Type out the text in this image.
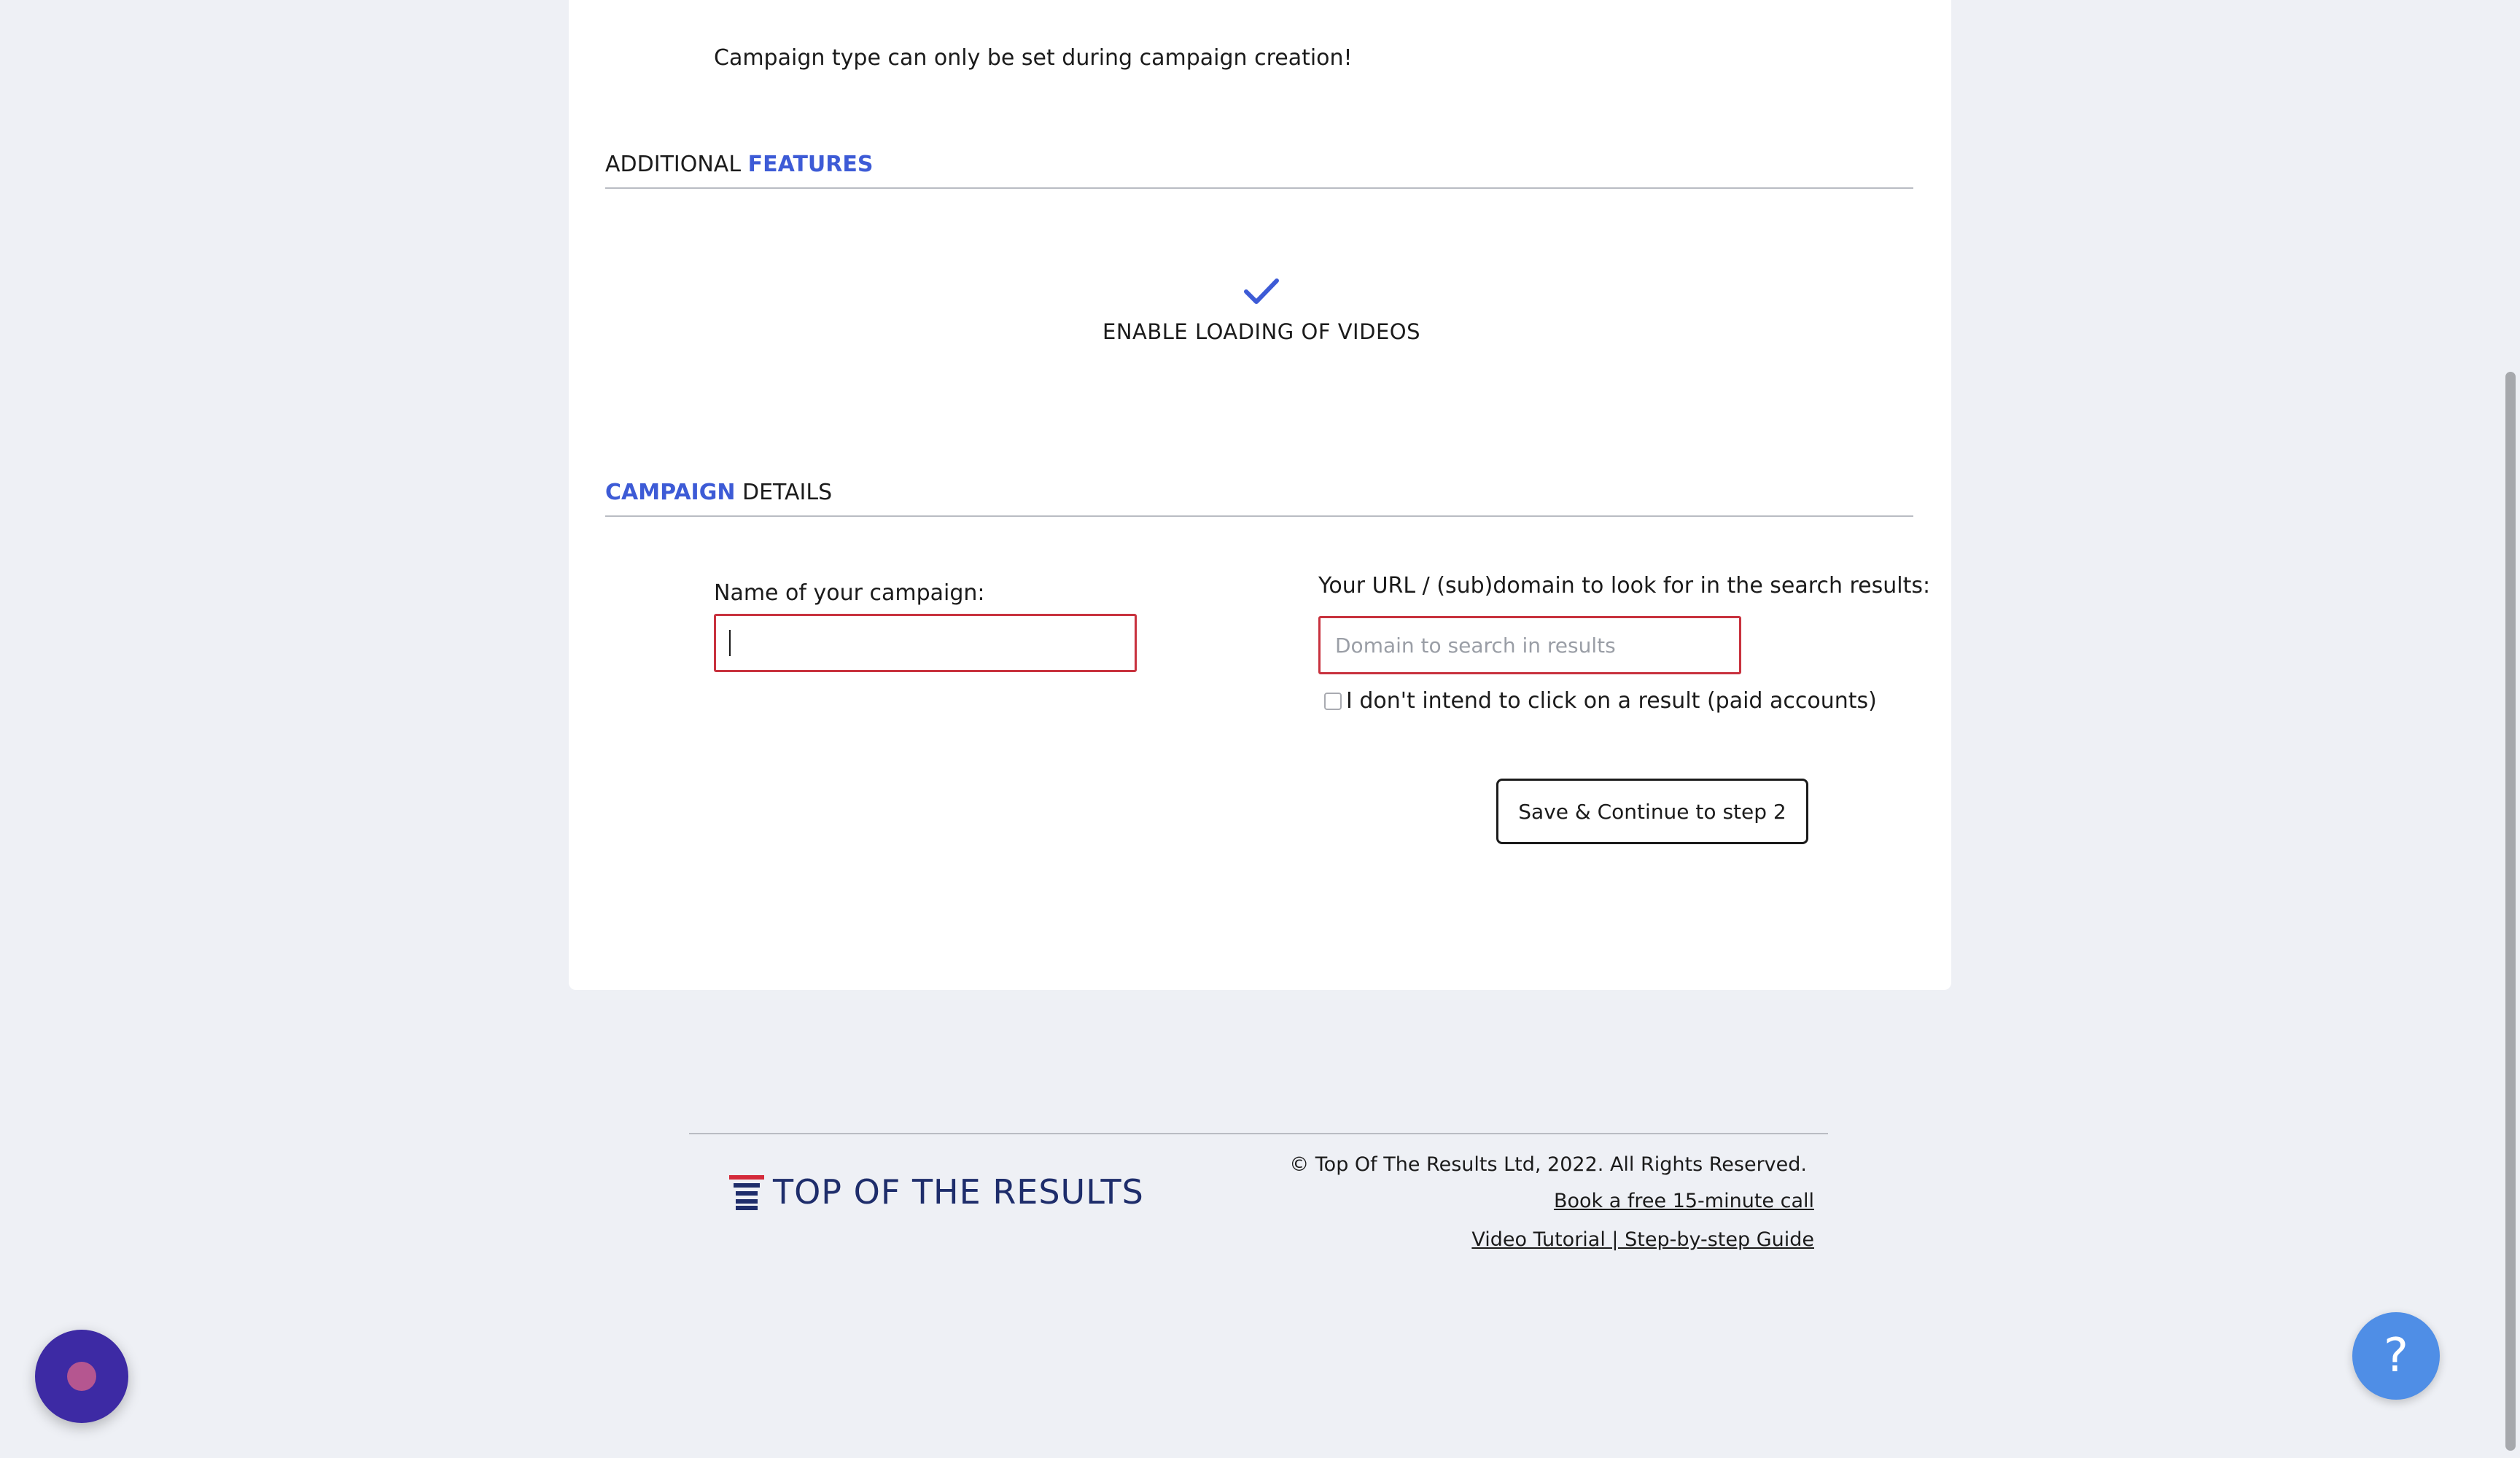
Campaign type can only be set during campaign creation!
ADDITIONAL FEATURES
ENABLE LOADING OF VIDEOS
CAMPAIGN DETAILS
Name of your campaign:	Your URL / (sub)domain to look for in the search results:
Domain to search in results
I don't intend to click on a result (paid accounts)
Save & Continue to step 2
TOP OF THE RESULTS
© Top Of The Results Ltd, 2022. All Rights Reserved.
Book a free 15-minute call
Video Tutorial | Step-by-step Guide
?
